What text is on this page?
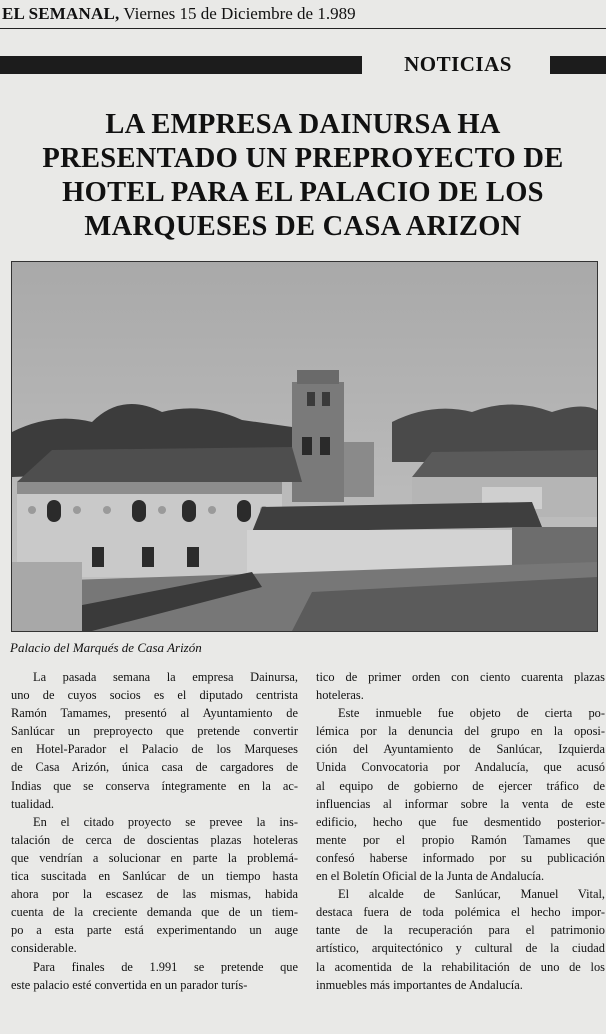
EL SEMANAL, Viernes 15 de Diciembre de 1.989
NOTICIAS
LA EMPRESA DAINURSA HA
PRESENTADO UN PREPROYECTO DE
HOTEL PARA EL PALACIO DE LOS
MARQUESES DE CASA ARIZON
Palacio del Marqués de Casa Arizón

La pasada semana la empresa Dainursa,

uno de cuyos socios es el diputado centrista
Ramón Tamames, presentó al Ayuntamiento de
Sanlúcar un preproyecto que pretende convertir
en Hotel-Parador el Palacio de los Marqueses
de Casa Arizón, única casa de cargadores de
Indias que se conserva íntegramente en la ac-
tualidad.

En el citado proyecto se prevee la ins-

talación de cerca de doscientas plazas hoteleras
que vendrían a solucionar en parte la problemá-
tica suscitada en Sanlúcar de un tiempo hasta
ahora por la escasez de las mismas, habida
cuenta de la creciente demanda que de un tiem-
po a esta parte está experimentando un auge
considerable.

Para finales de 1.991 se pretende que

este palacio esté convertida en un parador turís-

tico de primer orden con ciento cuarenta plazas
hoteleras.

Este inmueble fue objeto de cierta po-

lémica por la denuncia del grupo en la oposi-
ción del Ayuntamiento de Sanlúcar, Izquierda
Unida Convocatoria por Andalucía, que acusó
al equipo de gobierno de ejercer tráfico de
influencias al informar sobre la venta de este
edificio, hecho que fue desmentido posterior-
mente por el propio Ramón Tamames que
confesó haberse informado por su publicación
en el Boletín Oficial de la Junta de Andalucía.

El alcalde de Sanlúcar, Manuel Vital,

destaca fuera de toda polémica el hecho impor-
tante de la recuperación para el patrimonio
artístico, arquitectónico y cultural de la ciudad
la acomentida de la rehabilitación de uno de los
inmuebles más importantes de Andalucía.
